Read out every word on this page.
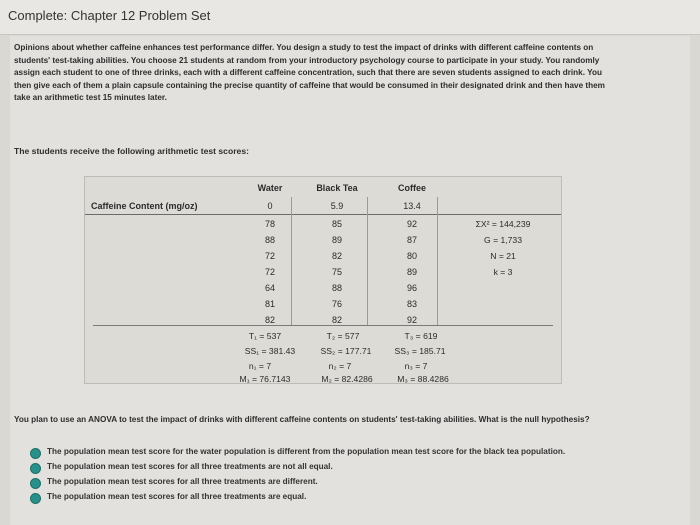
Complete: Chapter 12 Problem Set
Opinions about whether caffeine enhances test performance differ. You design a study to test the impact of drinks with different caffeine contents on students' test-taking abilities. You choose 21 students at random from your introductory psychology course to participate in your study. You randomly assign each student to one of three drinks, each with a different caffeine concentration, such that there are seven students assigned to each drink. You then give each of them a plain capsule containing the precise quantity of caffeine that would be consumed in their designated drink and then have them take an arithmetic test 15 minutes later.
The students receive the following arithmetic test scores:
Water	Black Tea	Coffee
Caffeine Content (mg/oz)	0	5.9	13.4
78	85	92
88	89	87
72	82	80
72	75	89
64	88	96
81	76	83
82	82	92
ΣX² = 144,239
G = 1,733
N = 21
k = 3
T₁ = 537	T₂ = 577	T₃ = 619
SS₁ = 381.43	SS₂ = 177.71	SS₃ = 185.71
n₁ = 7	n₂ = 7	n₃ = 7
M₁ = 76.7143	M₂ = 82.4286	M₃ = 88.4286
You plan to use an ANOVA to test the impact of drinks with different caffeine contents on students' test-taking abilities. What is the null hypothesis?
The population mean test score for the water population is different from the population mean test score for the black tea population.
The population mean test scores for all three treatments are not all equal.
The population mean test scores for all three treatments are different.
The population mean test scores for all three treatments are equal.
